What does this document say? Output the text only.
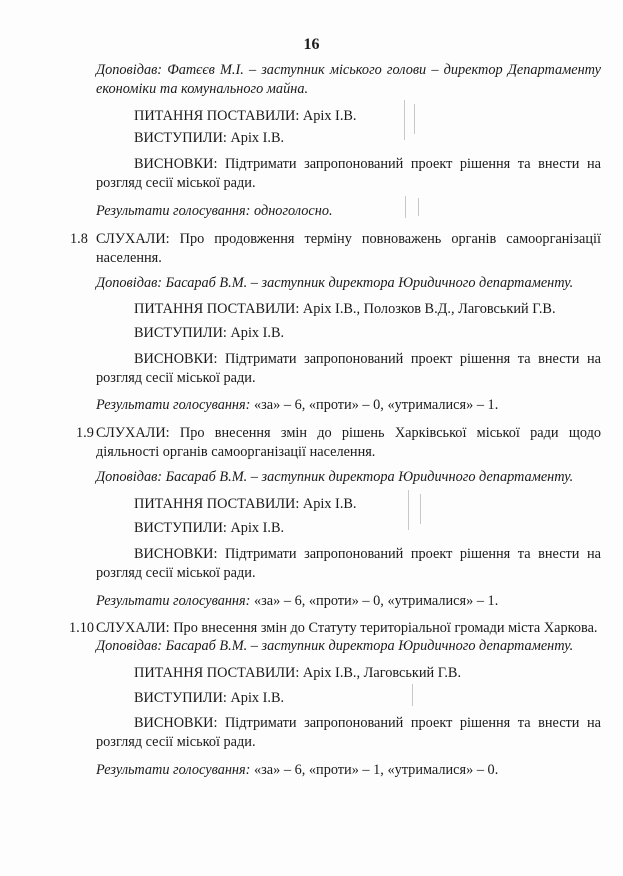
16
Доповідав: Фатєєв М.І. – заступник міського голови – директор Департаменту
економіки та комунального майна.
ПИТАННЯ ПОСТАВИЛИ: Аріх І.В.
ВИСТУПИЛИ: Аріх І.В.
ВИСНОВКИ: Підтримати запропонований проект рішення та внести на
розгляд сесії міської ради.
Результати голосування: одноголосно.
1.8 СЛУХАЛИ: Про продовження терміну повноважень органів самоорганізації
населення.
Доповідав: Басараб В.М. – заступник директора Юридичного департаменту.
ПИТАННЯ ПОСТАВИЛИ: Аріх І.В., Полозков В.Д., Лаговський Г.В.
ВИСТУПИЛИ: Аріх І.В.
ВИСНОВКИ: Підтримати запропонований проект рішення та внести на
розгляд сесії міської ради.
Результати голосування: «за» – 6, «проти» – 0, «утрималися» – 1.
1.9 СЛУХАЛИ: Про внесення змін до рішень Харківської міської ради щодо
діяльності органів самоорганізації населення.
Доповідав: Басараб В.М. – заступник директора Юридичного департаменту.
ПИТАННЯ ПОСТАВИЛИ: Аріх І.В.
ВИСТУПИЛИ: Аріх І.В.
ВИСНОВКИ: Підтримати запропонований проект рішення та внести на
розгляд сесії міської ради.
Результати голосування: «за» – 6, «проти» – 0, «утрималися» – 1.
1.10 СЛУХАЛИ: Про внесення змін до Статуту територіальної громади міста Харкова.
Доповідав: Басараб В.М. – заступник директора Юридичного департаменту.
ПИТАННЯ ПОСТАВИЛИ: Аріх І.В., Лаговський Г.В.
ВИСТУПИЛИ: Аріх І.В.
ВИСНОВКИ: Підтримати запропонований проект рішення та внести на
розгляд сесії міської ради.
Результати голосування: «за» – 6, «проти» – 1, «утрималися» – 0.
